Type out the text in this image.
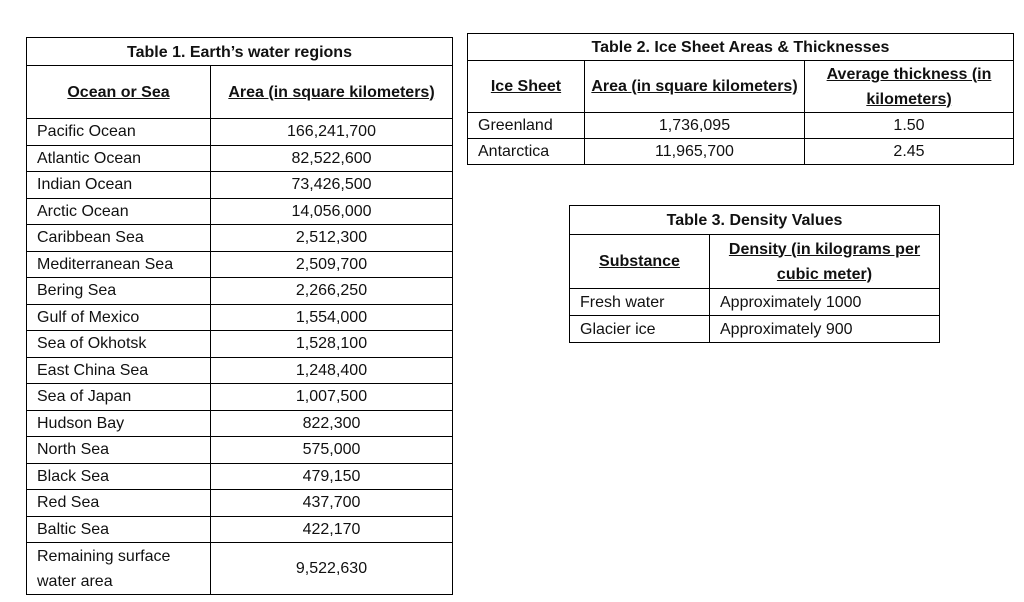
Table 1. Earth’s water regions	
Ocean or Sea	Area (in square kilometers)
Pacific Ocean	166,241,700
Atlantic Ocean	82,522,600
Indian Ocean	73,426,500
Arctic Ocean	14,056,000
Caribbean Sea	2,512,300
Mediterranean Sea	2,509,700
Bering Sea	2,266,250
Gulf of Mexico	1,554,000
Sea of Okhotsk	1,528,100
East China Sea	1,248,400
Sea of Japan	1,007,500
Hudson Bay	822,300
North Sea	575,000
Black Sea	479,150
Red Sea	437,700
Baltic Sea	422,170
Remaining surface water area	9,522,630
Table 2. Ice Sheet Areas & Thicknesses		
Ice Sheet	Area (in square kilometers)	Average thickness (in kilometers)
Greenland	1,736,095	1.50
Antarctica	11,965,700	2.45
Table 3. Density Values	
Substance	Density (in kilograms per cubic meter)
Fresh water	Approximately 1000
Glacier ice	Approximately 900
